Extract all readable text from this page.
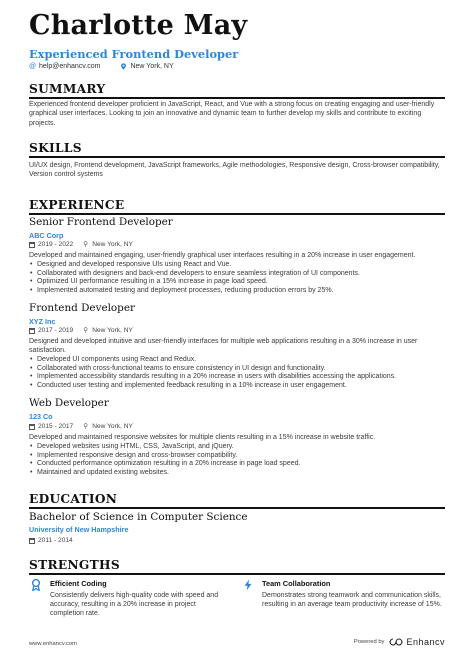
Charlotte May
Experienced Frontend Developer
@ help@enhancv.com	New York, NY
SUMMARY
Experienced frontend developer proficient in JavaScript, React, and Vue with a strong focus on creating engaging and user-friendly graphical user interfaces. Looking to join an innovative and dynamic team to further develop my skills and contribute to exciting projects.
SKILLS
UI/UX design, Frontend development, JavaScript frameworks, Agile methodologies, Responsive design, Cross-browser compatibility, Version control systems
EXPERIENCE
Senior Frontend Developer
ABC Corp
2019 - 2022 ⚲ New York, NY
Developed and maintained engaging, user-friendly graphical user interfaces resulting in a 20% increase in user engagement.
• Designed and developed responsive UIs using React and Vue.
• Collaborated with designers and back-end developers to ensure seamless integration of UI components.
• Optimized UI performance resulting in a 15% increase in page load speed.
• Implemented automated testing and deployment processes, reducing production errors by 25%.
Frontend Developer
XYZ Inc
2017 - 2019 ⚲ New York, NY
Designed and developed intuitive and user-friendly interfaces for multiple web applications resulting in a 30% increase in user satisfaction.
• Developed UI components using React and Redux.
• Collaborated with cross-functional teams to ensure consistency in UI design and functionality.
• Implemented accessibility standards resulting in a 20% increase in users with disabilities accessing the applications.
• Conducted user testing and implemented feedback resulting in a 10% increase in user engagement.
Web Developer
123 Co
2015 - 2017 ⚲ New York, NY
Developed and maintained responsive websites for multiple clients resulting in a 15% increase in website traffic.
• Developed websites using HTML, CSS, JavaScript, and jQuery.
• Implemented responsive design and cross-browser compatibility.
• Conducted performance optimization resulting in a 20% increase in page load speed.
• Maintained and updated existing websites.
EDUCATION
Bachelor of Science in Computer Science
University of New Hampshire
2011 - 2014
STRENGTHS
Efficient Coding
Consistently delivers high-quality code with speed and accuracy, resulting in a 20% increase in project completion rate.
Team Collaboration
Demonstrates strong teamwork and communication skills, resulting in an average team productivity increase of 15%.
www.enhancv.com	Powered by Enhancv
